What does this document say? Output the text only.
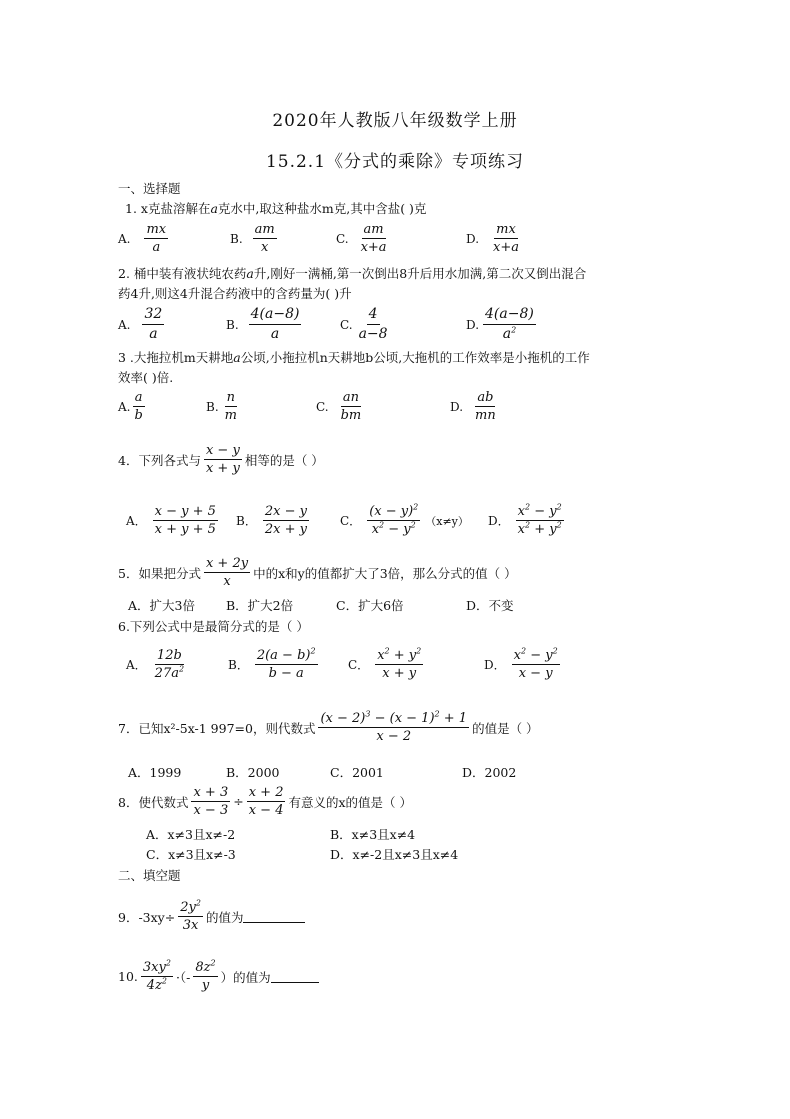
2020年人教版八年级数学上册
15.2.1《分式的乘除》专项练习
一、选择题
1. x克盐溶解在a克水中,取这种盐水m克,其中含盐( )克
A. $\frac{mx}{a}$	B. $\frac{am}{x}$	C. $\frac{am}{x+a}$	D. $\frac{mx}{x+a}$
2. 桶中装有液状纯农药a升,刚好一满桶,第一次倒出8升后用水加满,第二次又倒出混合
药4升,则这4升混合药液中的含药量为( )升
A. $\frac{32}{a}$	B. $\frac{4(a-8)}{a}$	C. $\frac{4}{a-8}$	D. $\frac{4(a-8)}{a^2}$
3 .大拖拉机m天耕地a公顷,小拖拉机n天耕地b公顷,大拖机的工作效率是小拖机的工作
效率( )倍.
A. $\frac{a}{b}$	B. $\frac{n}{m}$	C. $\frac{an}{bm}$	D. $\frac{ab}{mn}$
4．下列各式与 $\frac{x - y}{x + y}$ 相等的是（ ）
A． $\frac{x - y + 5}{x + y + 5}$ B． $\frac{2x - y}{2x + y}$	C． $\frac{(x - y)^2}{x^2 - y^2} (x\ne y)$ D． $\frac{x^2 - y^2}{x^2 + y^2}$
5．如果把分式 $\frac{x + 2y}{x}$ 中的x和y的值都扩大了3倍，那么分式的值（ ）
A．扩大3倍 B．扩大2倍	C．扩大6倍	D．不变
6.下列公式中是最简分式的是（ ）
A． $\frac{12b}{27a^2}$	B． $\frac{2(a - b)^2}{b - a}$	C． $\frac{x^2 + y^2}{x + y}$	D． $\frac{x^2 - y^2}{x - y}$
7．已知x²-5x-1 997=0，则代数式 $\frac{(x - 2)^3 - (x - 1)^2 + 1}{x - 2}$ 的值是（ ）
A．1999	B．2000	C．2001	D．2002
8．使代数式 $\frac{x + 3}{x - 3} \div \frac{x + 2}{x - 4}$ 有意义的x的值是（ ）
A．x≠3且x≠-2	B．x≠3且x≠4
C．x≠3且x≠-3	D．x≠-2且x≠3且x≠4
二、填空题
9．$-3xy\div \frac{2y^2}{3x}$ 的值为
10. $\frac{3xy^2}{4z^2}$ ·（- $\frac{8z^2}{y}$ ）的值为
